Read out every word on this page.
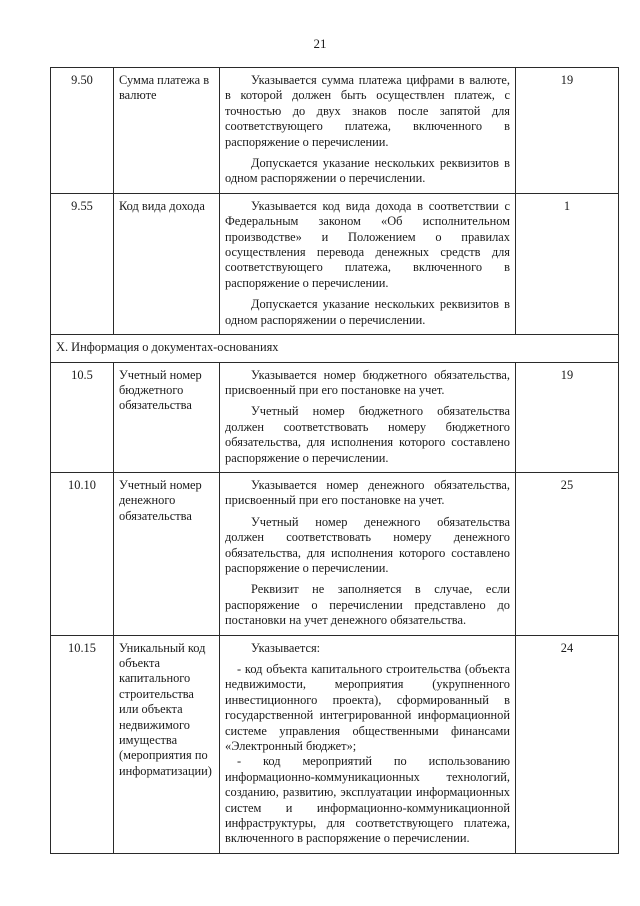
21
9.50	Сумма платежа в валюте	Указывается сумма платежа цифрами в валюте, в которой должен быть осуществлен платеж, с точностью до двух знаков после запятой для соответствующего платежа, включенного в распоряжение о перечислении.

Допускается указание нескольких реквизитов в одном распоряжении о перечислении.	19
9.55	Код вида дохода	Указывается код вида дохода в соответствии с Федеральным законом «Об исполнительном производстве» и Положением о правилах осуществления перевода денежных средств для соответствующего платежа, включенного в распоряжение о перечислении.

Допускается указание нескольких реквизитов в одном распоряжении о перечислении.	1
X. Информация о документах-основаниях			
10.5	Учетный номер бюджетного обязательства	Указывается номер бюджетного обязательства, присвоенный при его постановке на учет.

Учетный номер бюджетного обязательства должен соответствовать номеру бюджетного обязательства, для исполнения которого составлено распоряжение о перечислении.	19
10.10	Учетный номер денежного обязательства	Указывается номер денежного обязательства, присвоенный при его постановке на учет.

Учетный номер денежного обязательства должен соответствовать номеру денежного обязательства, для исполнения которого составлено распоряжение о перечислении.

Реквизит не заполняется в случае, если распоряжение о перечислении представлено до постановки на учет денежного обязательства.	25
10.15	Уникальный код объекта капитального строительства или объекта недвижимого имущества (мероприятия по информатизации)	Указывается:

- код объекта капитального строительства (объекта недвижимости, мероприятия (укрупненного инвестиционного проекта), сформированный в государственной интегрированной информационной системе управления общественными финансами «Электронный бюджет»;

- код мероприятий по использованию информационно-коммуникационных технологий, созданию, развитию, эксплуатации информационных систем и информационно-коммуникационной инфраструктуры, для соответствующего платежа, включенного в распоряжение о перечислении.	24
